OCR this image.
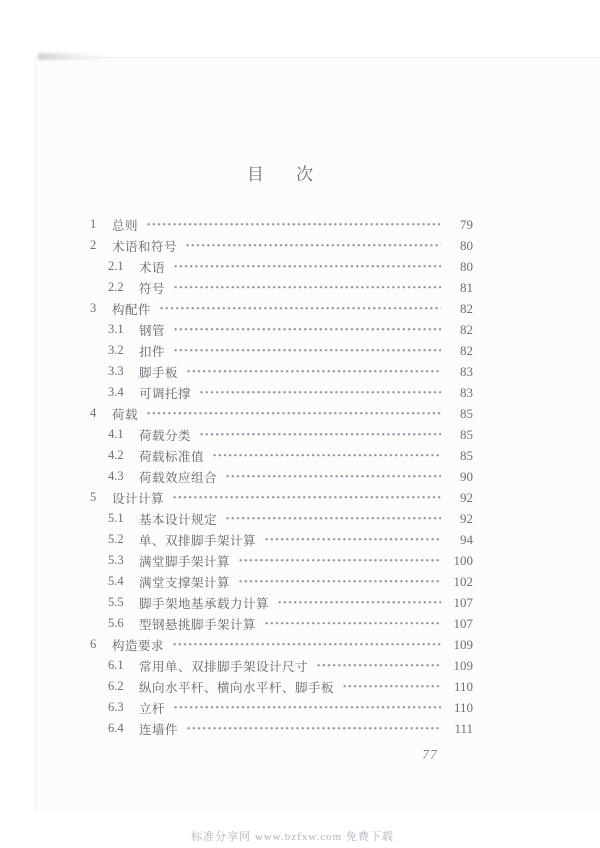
目 次
1	总则	79
2	术语和符号	80
2.1	术语	80
2.2	符号	81
3	构配件	82
3.1	钢管	82
3.2	扣件	82
3.3	脚手板	83
3.4	可调托撑	83
4	荷载	85
4.1	荷载分类	85
4.2	荷载标准值	85
4.3	荷载效应组合	90
5	设计计算	92
5.1	基本设计规定	92
5.2	单、双排脚手架计算	94
5.3	满堂脚手架计算	100
5.4	满堂支撑架计算	102
5.5	脚手架地基承载力计算	107
5.6	型钢悬挑脚手架计算	107
6	构造要求	109
6.1	常用单、双排脚手架设计尺寸	109
6.2	纵向水平杆、横向水平杆、脚手板	110
6.3	立杆	110
6.4	连墙件	111
77
标准分享网 www.bzfxw.com 免费下载
